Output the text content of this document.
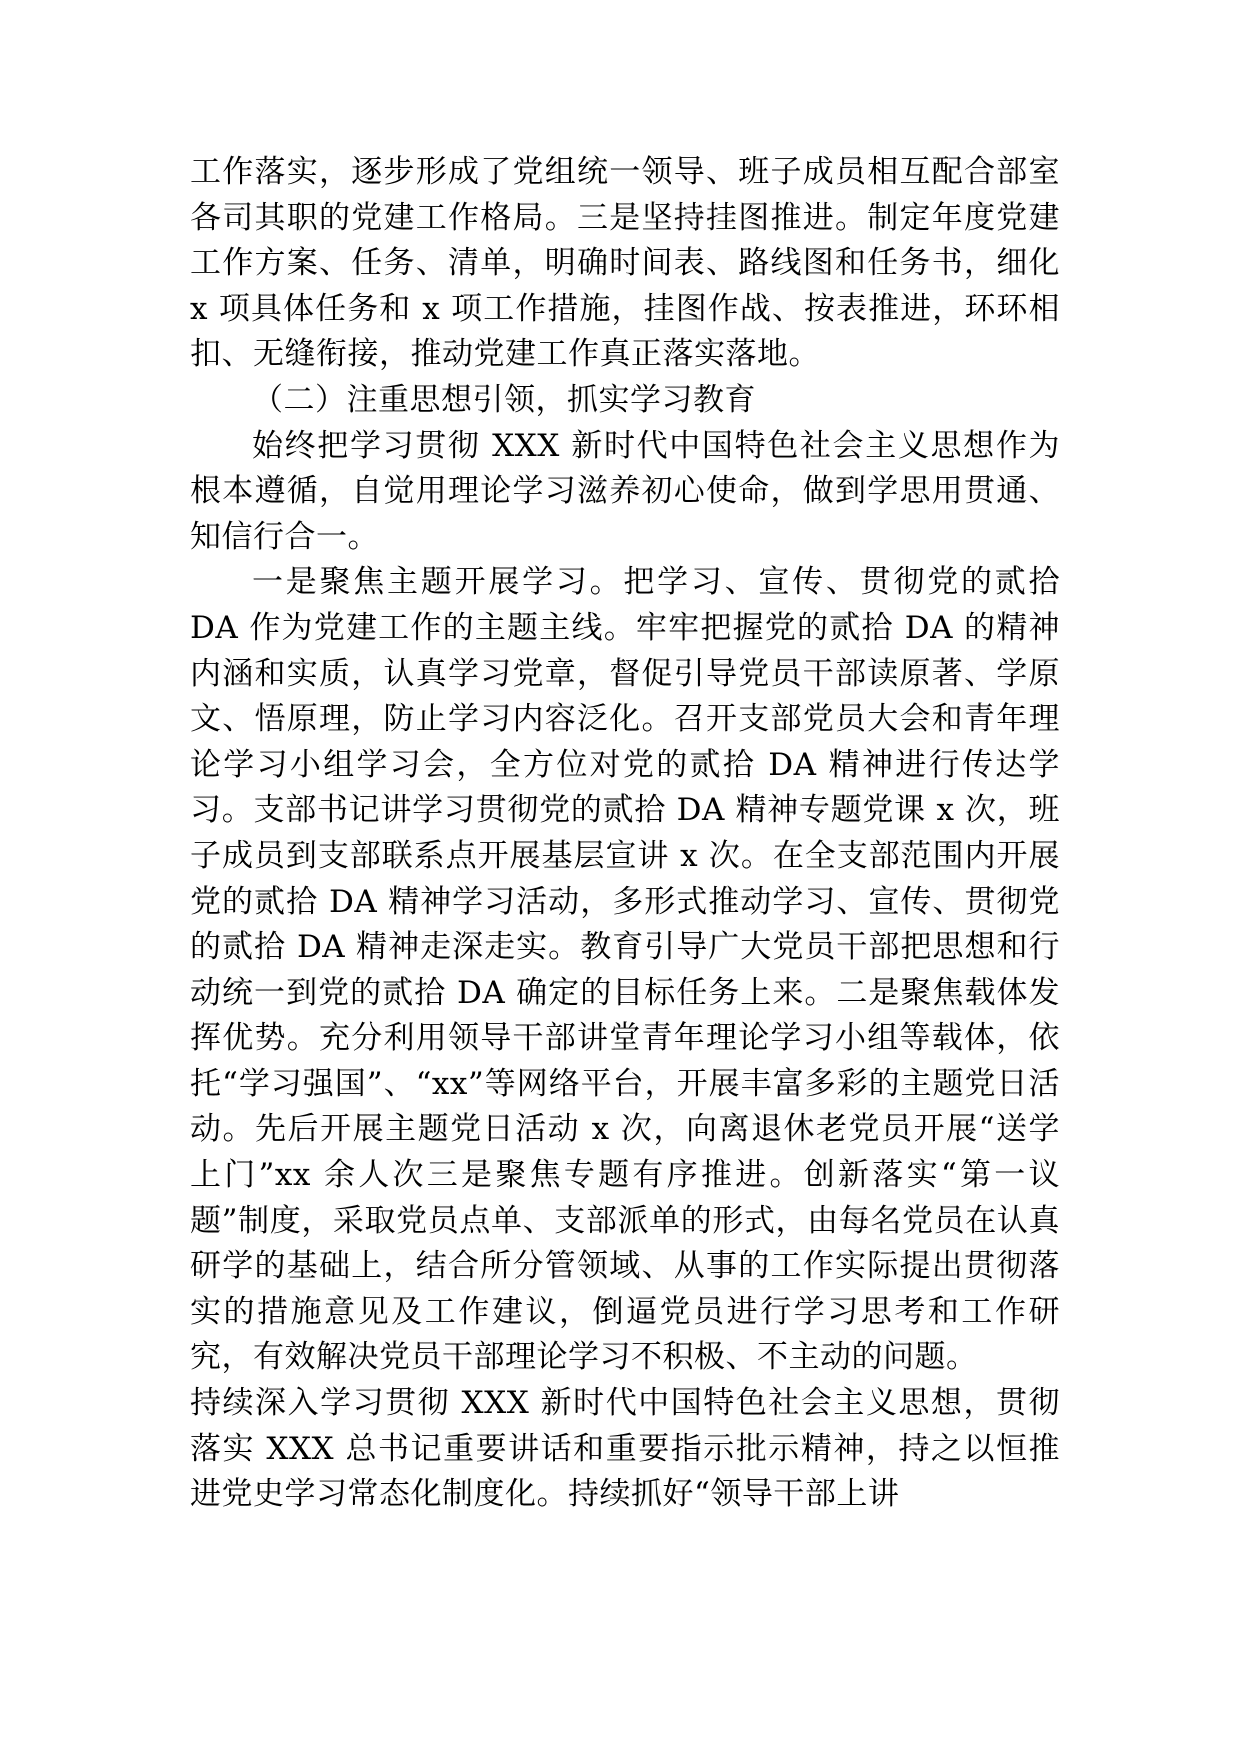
工作落实，逐步形成了党组统一领导、班子成员相互配合部室各司其职的党建工作格局。三是坚持挂图推进。制定年度党建工作方案、任务、清单，明确时间表、路线图和任务书，细化 x 项具体任务和 x 项工作措施，挂图作战、按表推进，环环相扣、无缝衔接，推动党建工作真正落实落地。

（二）注重思想引领，抓实学习教育

始终把学习贯彻 XXX 新时代中国特色社会主义思想作为根本遵循，自觉用理论学习滋养初心使命，做到学思用贯通、知信行合一。

一是聚焦主题开展学习。把学习、宣传、贯彻党的贰拾 DA 作为党建工作的主题主线。牢牢把握党的贰拾 DA 的精神内涵和实质，认真学习党章，督促引导党员干部读原著、学原文、悟原理，防止学习内容泛化。召开支部党员大会和青年理论学习小组学习会，全方位对党的贰拾 DA 精神进行传达学习。支部书记讲学习贯彻党的贰拾 DA 精神专题党课 x 次，班子成员到支部联系点开展基层宣讲 x 次。在全支部范围内开展党的贰拾 DA 精神学习活动，多形式推动学习、宣传、贯彻党的贰拾 DA 精神走深走实。教育引导广大党员干部把思想和行动统一到党的贰拾 DA 确定的目标任务上来。二是聚焦载体发挥优势。充分利用领导干部讲堂青年理论学习小组等载体，依托“学习强国”、“xx”等网络平台，开展丰富多彩的主题党日活动。先后开展主题党日活动 x 次，向离退休老党员开展“送学上门”xx 余人次三是聚焦专题有序推进。创新落实“第一议题”制度，采取党员点单、支部派单的形式，由每名党员在认真研学的基础上，结合所分管领域、从事的工作实际提出贯彻落实的措施意见及工作建议，倒逼党员进行学习思考和工作研究，有效解决党员干部理论学习不积极、不主动的问题。

持续深入学习贯彻 XXX 新时代中国特色社会主义思想，贯彻落实 XXX 总书记重要讲话和重要指示批示精神，持之以恒推进党史学习常态化制度化。持续抓好“领导干部上讲
